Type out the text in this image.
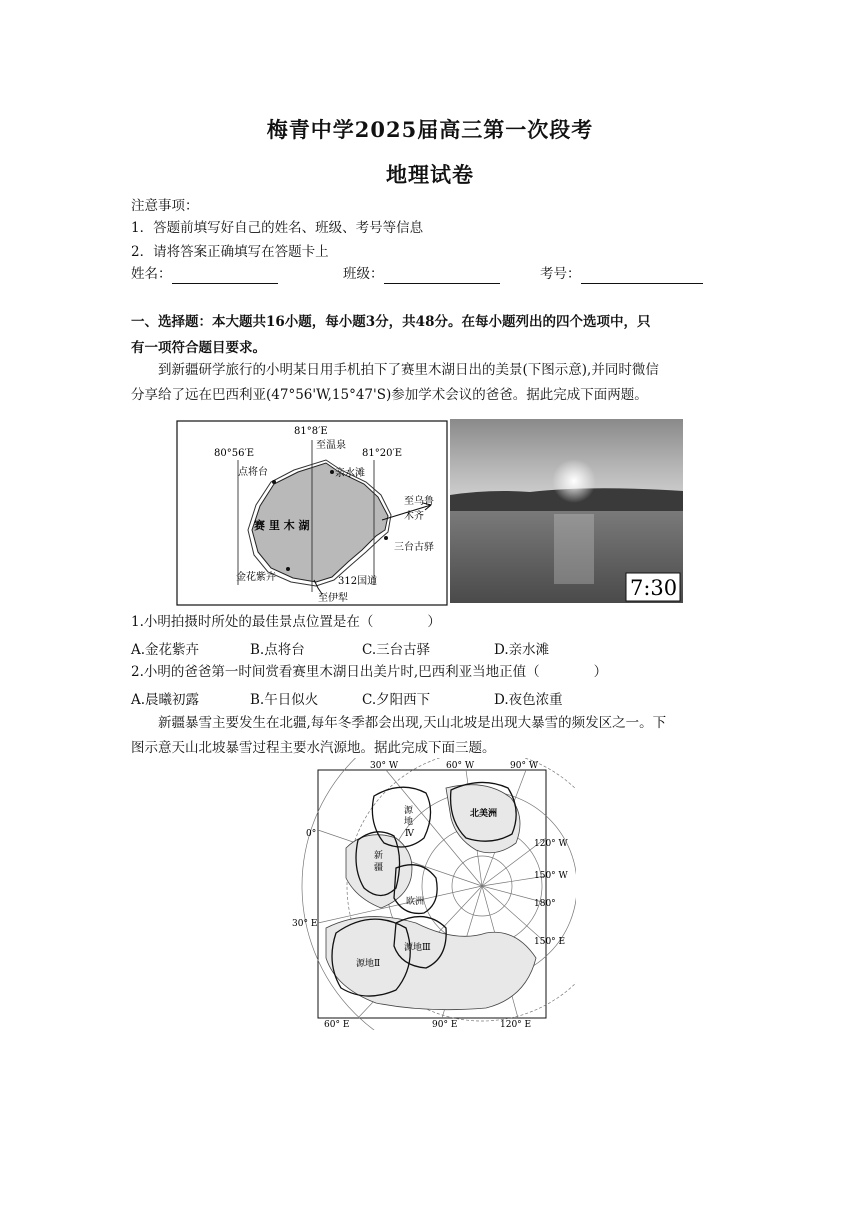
梅青中学2025届高三第一次段考
地理试卷
注意事项：
1．答题前填写好自己的姓名、班级、考号等信息
2．请将答案正确填写在答题卡上
姓名：	班级：	考号：
一、选择题：本大题共16小题，每小题3分，共48分。在每小题列出的四个选项中，只
有一项符合题目要求。
到新疆研学旅行的小明某日用手机拍下了赛里木湖日出的美景(下图示意),并同时微信
分享给了远在巴西利亚(47°56'W,15°47'S)参加学术会议的爸爸。据此完成下面两题。
81°8′E
至温泉
80°56′E	81°20′E
点将台	亲水滩
至乌鲁
木齐
赛 里 木 湖
三台古驿
金花紫卉	312国道
至伊犁	7:30
1.小明拍摄时所处的最佳景点位置是在（　　　　）
A.金花紫卉	B.点将台	C.三台古驿	D.亲水滩
2.小明的爸爸第一时间赏看赛里木湖日出美片时,巴西利亚当地正值（　　　　）
A.晨曦初露	B.午日似火	C.夕阳西下	D.夜色浓重
新疆暴雪主要发生在北疆,每年冬季都会出现,天山北坡是出现大暴雪的频发区之一。下
图示意天山北坡暴雪过程主要水汽源地。据此完成下面三题。
30° W	60° W	90° W
0°
120° W
150° W
180°
30° E
150° E
60° E	90° E	120° E
源
地
Ⅳ
北美洲
新
疆
欧洲
源地Ⅲ
源地Ⅱ
